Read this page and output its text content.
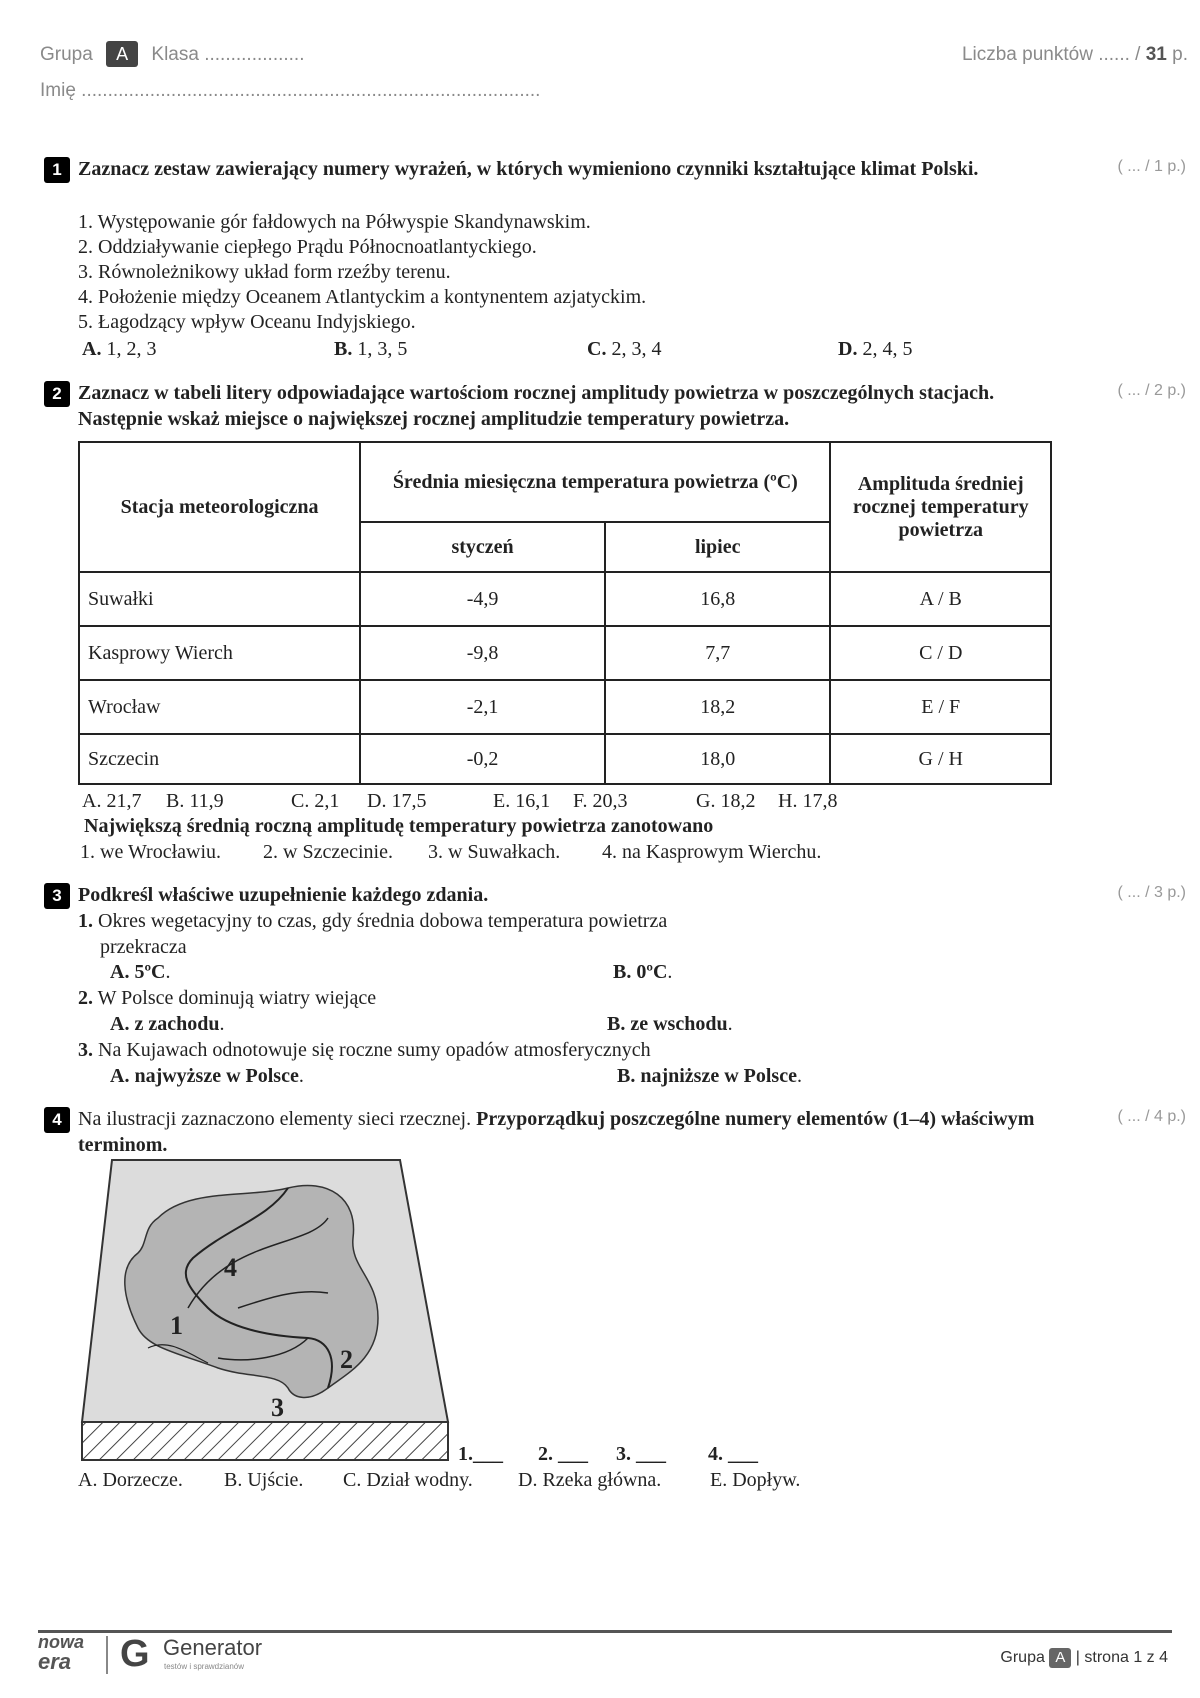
Grupa A Klasa ...................	Liczba punktów ...... / 31 p.
Imię .......................................................................................
1	( ... / 1 p.)
Zaznacz zestaw zawierający numery wyrażeń, w których wymieniono czynniki kształtujące klimat Polski.
1. Występowanie gór fałdowych na Półwyspie Skandynawskim.
2. Oddziaływanie ciepłego Prądu Północnoatlantyckiego.
3. Równoleżnikowy układ form rzeźby terenu.
4. Położenie między Oceanem Atlantyckim a kontynentem azjatyckim.
5. Łagodzący wpływ Oceanu Indyjskiego.
A. 1, 2, 3	B. 1, 3, 5	C. 2, 3, 4	D. 2, 4, 5
2	( ... / 2 p.)
Zaznacz w tabeli litery odpowiadające wartościom rocznej amplitudy powietrza w poszczególnych stacjach. Następnie wskaż miejsce o największej rocznej amplitudzie temperatury powietrza.
Stacja meteorologiczna	Średnia miesięczna temperatura powietrza (ºC)		Amplituda średniej rocznej temperatury powietrza
	styczeń	lipiec	
Suwałki	-4,9	16,8	A / B
Kasprowy Wierch	-9,8	7,7	C / D
Wrocław	-2,1	18,2	E / F
Szczecin	-0,2	18,0	G / H
A. 21,7 B. 11,9	C. 2,1 D. 17,5	E. 16,1 F. 20,3	G. 18,2 H. 17,8
Największą średnią roczną amplitudę temperatury powietrza zanotowano
1. we Wrocławiu. 2. w Szczecinie. 3. w Suwałkach. 4. na Kasprowym Wierchu.
3	( ... / 3 p.)
Podkreśl właściwe uzupełnienie każdego zdania.
1. Okres wegetacyjny to czas, gdy średnia dobowa temperatura powietrza
przekracza
A. 5ºC.	B. 0ºC.
2. W Polsce dominują wiatry wiejące
A. z zachodu.	B. ze wschodu.
3. Na Kujawach odnotowuje się roczne sumy opadów atmosferycznych
A. najwyższe w Polsce.	B. najniższe w Polsce.
4	( ... / 4 p.)
Na ilustracji zaznaczono elementy sieci rzecznej. Przyporządkuj poszczególne numery elementów (1–4) właściwym terminom.
4
1
2
3
1.___ 2. ___ 3. ___ 4. ___
A. Dorzecze. B. Ujście. C. Dział wodny. D. Rzeka główna. E. Dopływ.
nowa
era	G Generator
testów i sprawdzianów
Grupa A | strona 1 z 4
